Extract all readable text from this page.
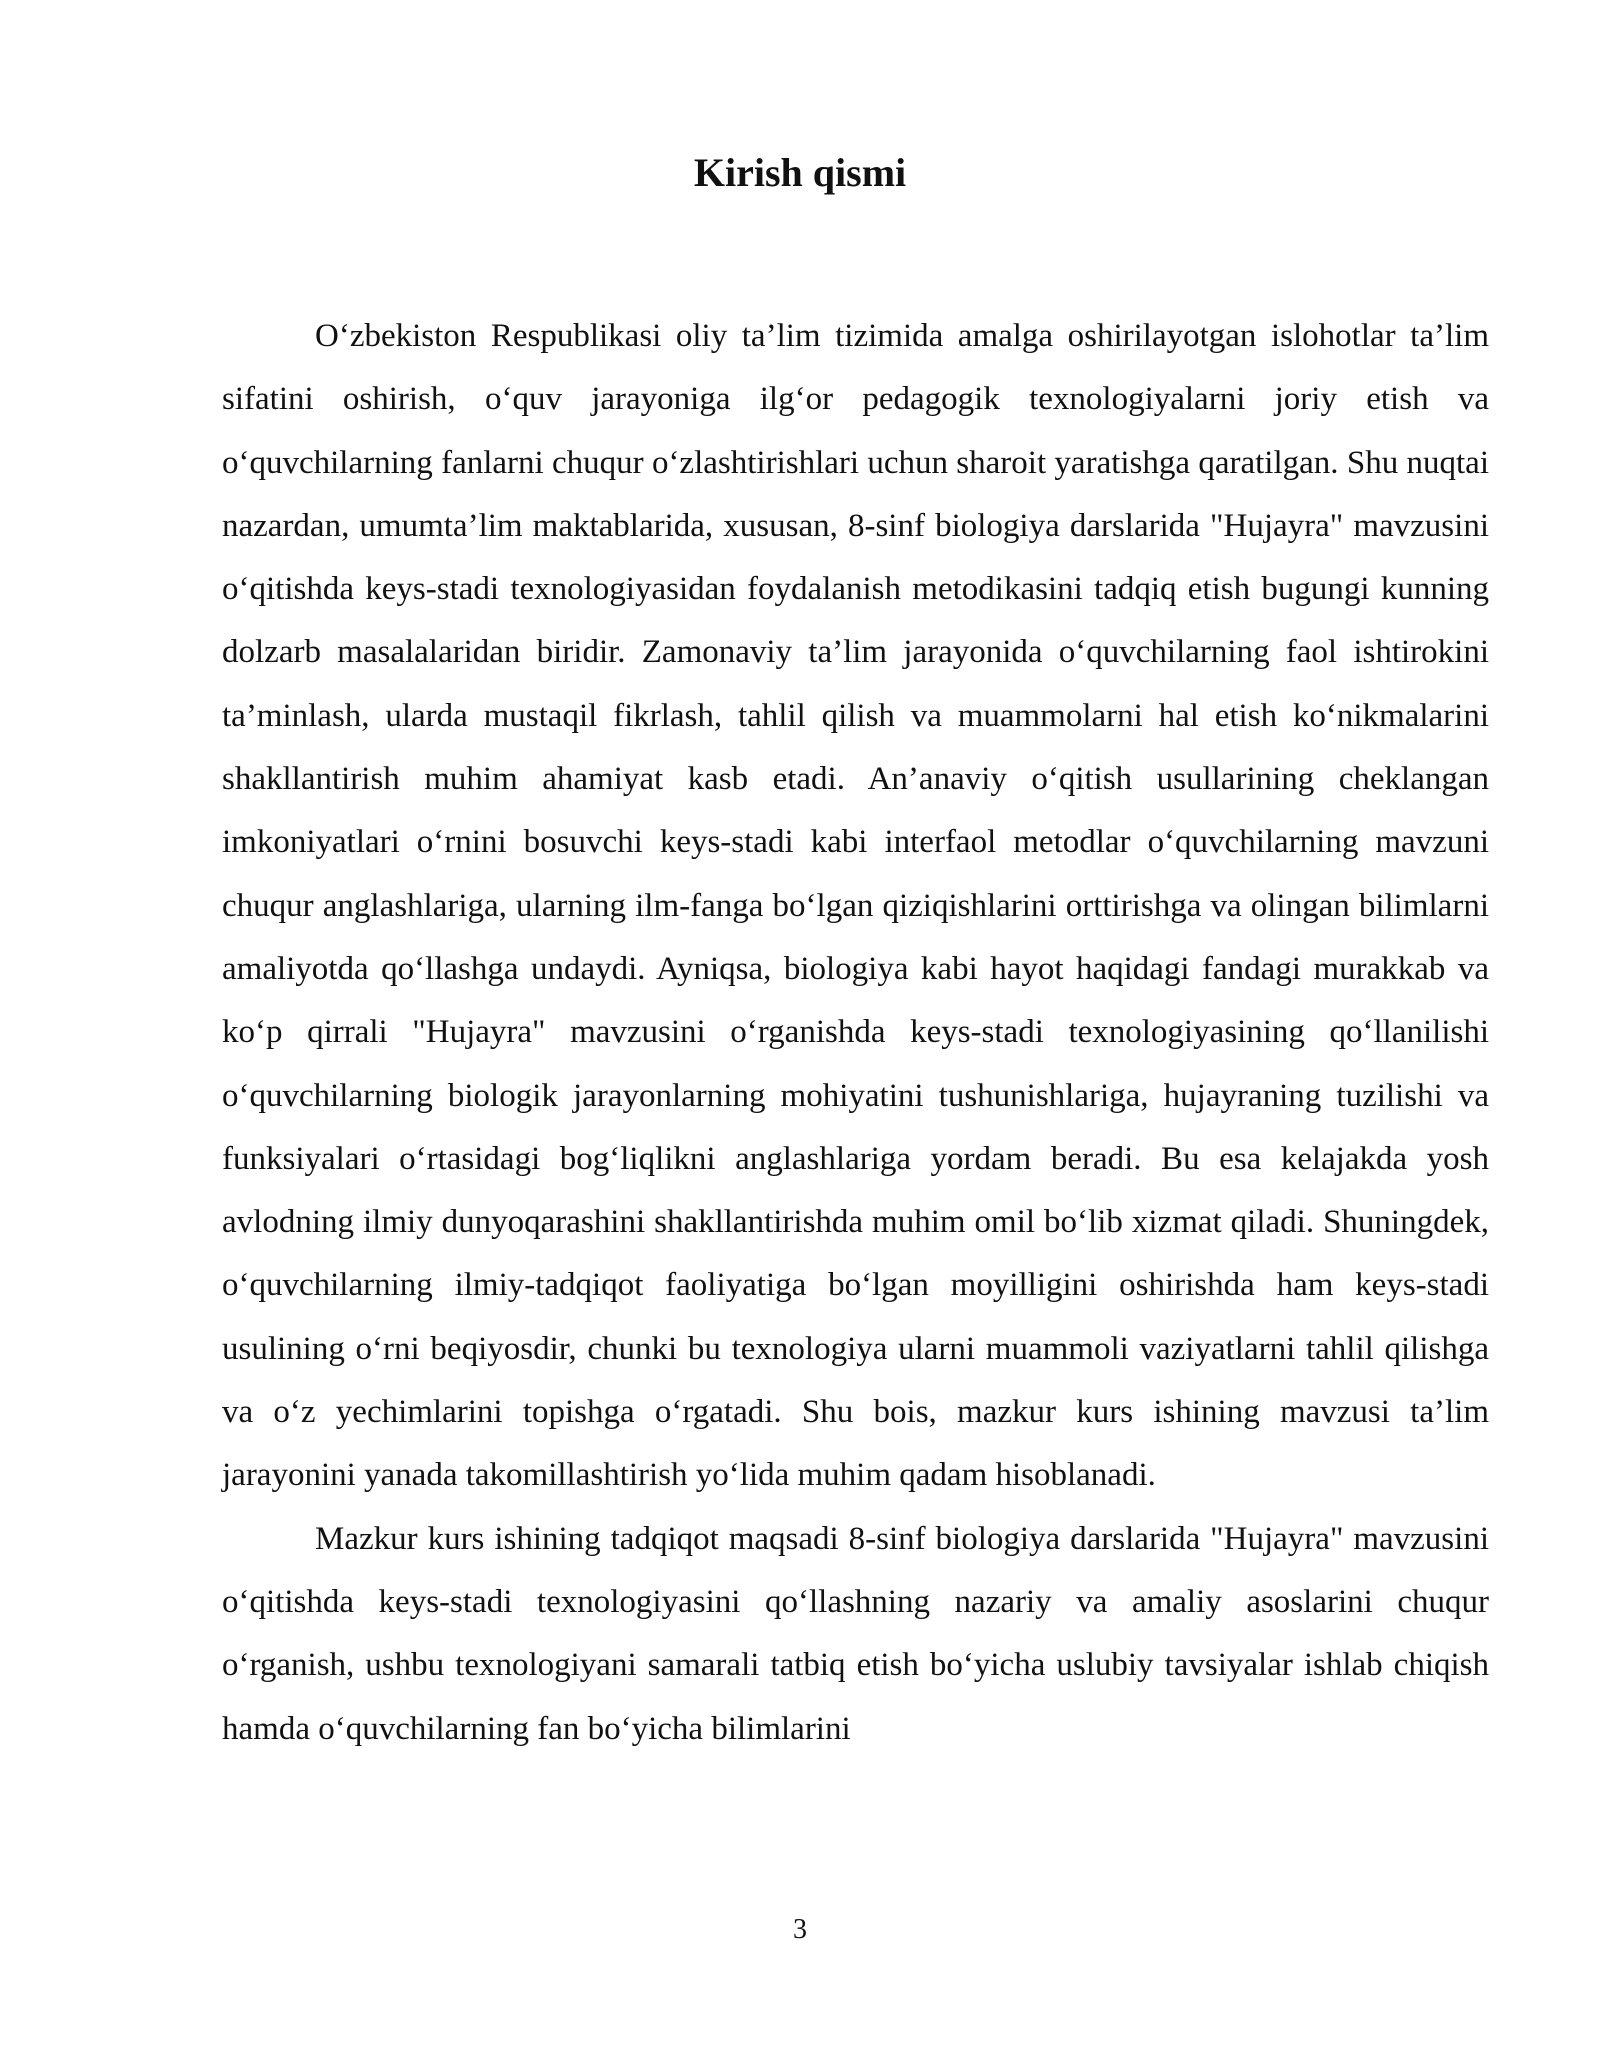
Kirish qismi

O‘zbekiston Respublikasi oliy ta’lim tizimida amalga oshirilayotgan islohotlar ta’lim sifatini oshirish, o‘quv jarayoniga ilg‘or pedagogik texnologiyalarni joriy etish va o‘quvchilarning fanlarni chuqur o‘zlashtirishlari uchun sharoit yaratishga qaratilgan. Shu nuqtai nazardan, umumta’lim maktablarida, xususan, 8-sinf biologiya darslarida "Hujayra" mavzusini o‘qitishda keys-stadi texnologiyasidan foydalanish metodikasini tadqiq etish bugungi kunning dolzarb masalalaridan biridir. Zamonaviy ta’lim jarayonida o‘quvchilarning faol ishtirokini ta’minlash, ularda mustaqil fikrlash, tahlil qilish va muammolarni hal etish ko‘nikmalarini shakllantirish muhim ahamiyat kasb etadi. An’anaviy o‘qitish usullarining cheklangan imkoniyatlari o‘rnini bosuvchi keys-stadi kabi interfaol metodlar o‘quvchilarning mavzuni chuqur anglashlariga, ularning ilm-fanga bo‘lgan qiziqishlarini orttirishga va olingan bilimlarni amaliyotda qo‘llashga undaydi. Ayniqsa, biologiya kabi hayot haqidagi fandagi murakkab va ko‘p qirrali "Hujayra" mavzusini o‘rganishda keys-stadi texnologiyasining qo‘llanilishi o‘quvchilarning biologik jarayonlarning mohiyatini tushunishlariga, hujayraning tuzilishi va funksiyalari o‘rtasidagi bog‘liqlikni anglashlariga yordam beradi. Bu esa kelajakda yosh avlodning ilmiy dunyoqarashini shakllantirishda muhim omil bo‘lib xizmat qiladi. Shuningdek, o‘quvchilarning ilmiy-tadqiqot faoliyatiga bo‘lgan moyilligini oshirishda ham keys-stadi usulining o‘rni beqiyosdir, chunki bu texnologiya ularni muammoli vaziyatlarni tahlil qilishga va o‘z yechimlarini topishga o‘rgatadi. Shu bois, mazkur kurs ishining mavzusi ta’lim jarayonini yanada takomillashtirish yo‘lida muhim qadam hisoblanadi.

Mazkur kurs ishining tadqiqot maqsadi 8-sinf biologiya darslarida "Hujayra" mavzusini o‘qitishda keys-stadi texnologiyasini qo‘llashning nazariy va amaliy asoslarini chuqur o‘rganish, ushbu texnologiyani samarali tatbiq etish bo‘yicha uslubiy tavsiyalar ishlab chiqish hamda o‘quvchilarning fan bo‘yicha bilimlarini

3
